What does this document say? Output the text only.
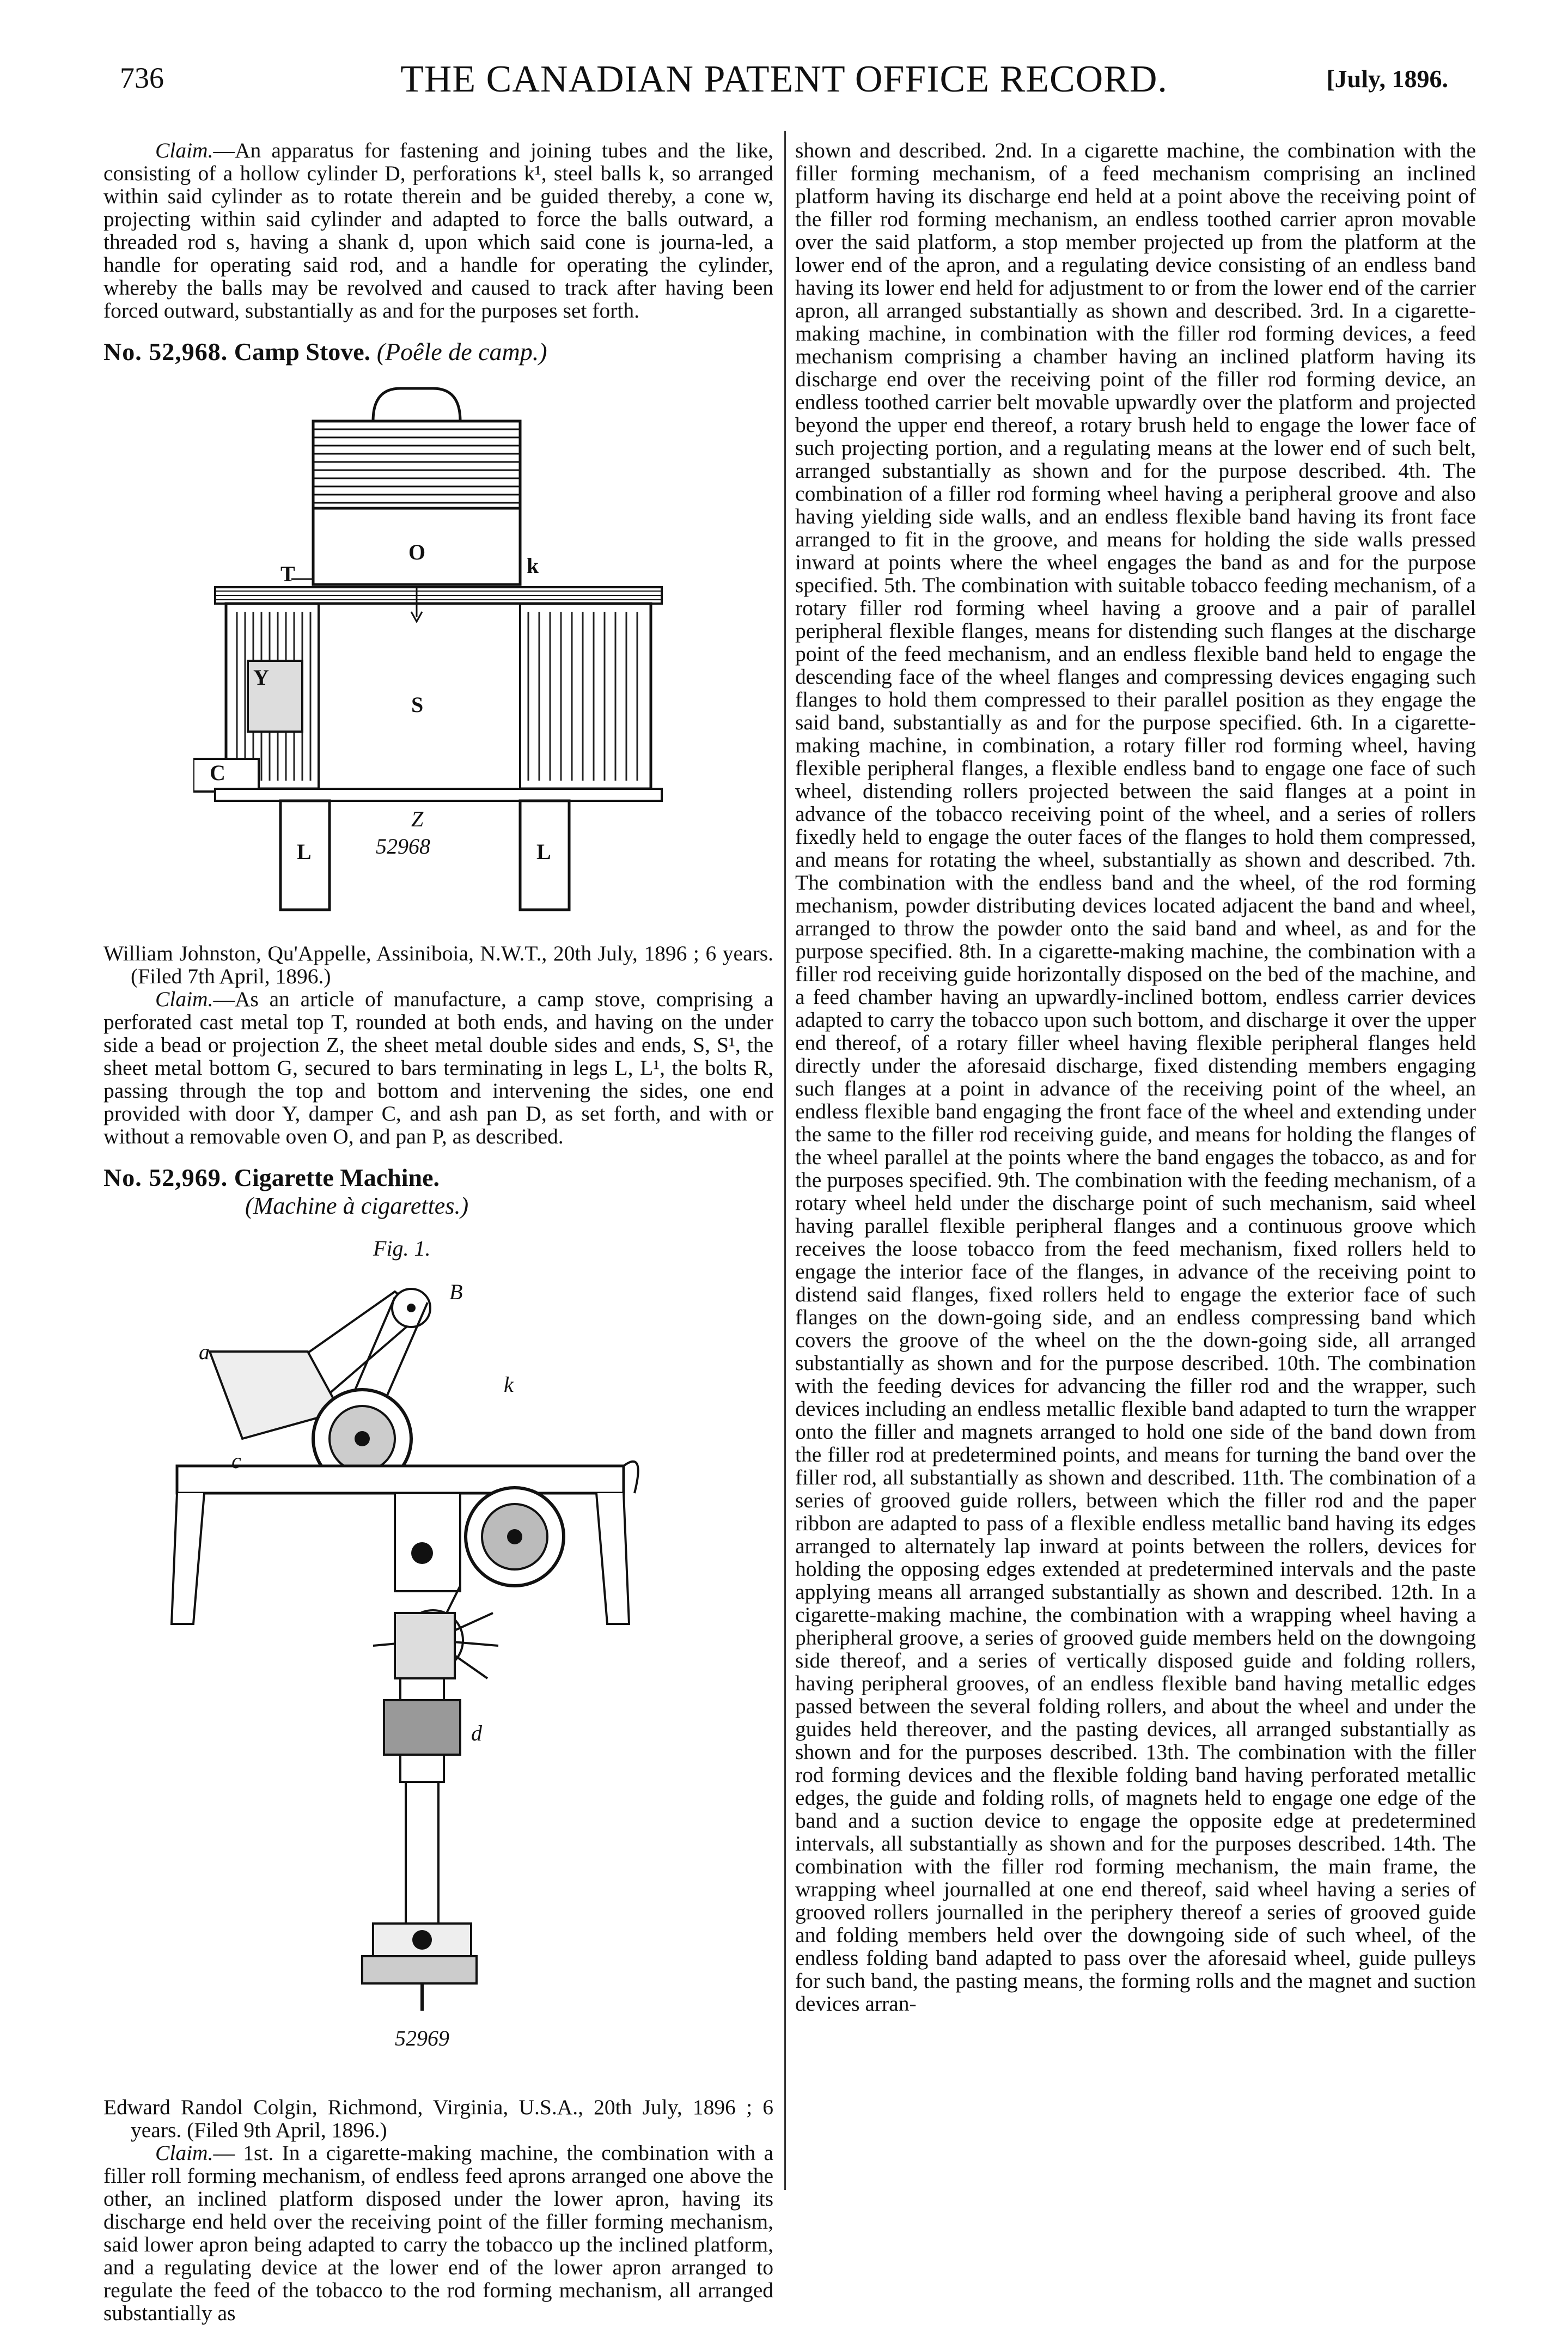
736	THE CANADIAN PATENT OFFICE RECORD.	[July, 1896.

Claim.—An apparatus for fastening and joining tubes and the like, consisting of a hollow cylinder D, perforations k¹, steel balls k, so arranged within said cylinder as to rotate therein and be guided thereby, a cone w, projecting within said cylinder and adapted to force the balls outward, a threaded rod s, having a shank d, upon which said cone is journa-led, a handle for operating said rod, and a handle for operating the cylinder, whereby the balls may be revolved and caused to track after having been forced outward, substantially as and for the purposes set forth.

No. 52,968. Camp Stove. (Poêle de camp.)
O
S
Y
C
L	L
T	k
Z
52968

William Johnston, Qu'Appelle, Assiniboia, N.W.T., 20th July, 1896 ; 6 years. (Filed 7th April, 1896.)

Claim.—As an article of manufacture, a camp stove, comprising a perforated cast metal top T, rounded at both ends, and having on the under side a bead or projection Z, the sheet metal double sides and ends, S, S¹, the sheet metal bottom G, secured to bars terminating in legs L, L¹, the bolts R, passing through the top and bottom and intervening the sides, one end provided with door Y, damper C, and ash pan D, as set forth, and with or without a removable oven O, and pan P, as described.

No. 52,969. Cigarette Machine.
(Machine à cigarettes.)
Fig. 1.
B
a
c
k
d
52969

Edward Randol Colgin, Richmond, Virginia, U.S.A., 20th July, 1896 ; 6 years. (Filed 9th April, 1896.)

Claim.— 1st. In a cigarette-making machine, the combination with a filler roll forming mechanism, of endless feed aprons arranged one above the other, an inclined platform disposed under the lower apron, having its discharge end held over the receiving point of the filler forming mechanism, said lower apron being adapted to carry the tobacco up the inclined platform, and a regulating device at the lower end of the lower apron arranged to regulate the feed of the tobacco to the rod forming mechanism, all arranged substantially as

shown and described. 2nd. In a cigarette machine, the combination with the filler forming mechanism, of a feed mechanism comprising an inclined platform having its discharge end held at a point above the receiving point of the filler rod forming mechanism, an endless toothed carrier apron movable over the said platform, a stop member projected up from the platform at the lower end of the apron, and a regulating device consisting of an endless band having its lower end held for adjustment to or from the lower end of the carrier apron, all arranged substantially as shown and described. 3rd. In a cigarette-making machine, in combination with the filler rod forming devices, a feed mechanism comprising a chamber having an inclined platform having its discharge end over the receiving point of the filler rod forming device, an endless toothed carrier belt movable upwardly over the platform and projected beyond the upper end thereof, a rotary brush held to engage the lower face of such projecting portion, and a regulating means at the lower end of such belt, arranged substantially as shown and for the purpose described. 4th. The combination of a filler rod forming wheel having a peripheral groove and also having yielding side walls, and an endless flexible band having its front face arranged to fit in the groove, and means for holding the side walls pressed inward at points where the wheel engages the band as and for the purpose specified. 5th. The combination with suitable tobacco feeding mechanism, of a rotary filler rod forming wheel having a groove and a pair of parallel peripheral flexible flanges, means for distending such flanges at the discharge point of the feed mechanism, and an endless flexible band held to engage the descending face of the wheel flanges and compressing devices engaging such flanges to hold them compressed to their parallel position as they engage the said band, substantially as and for the purpose specified. 6th. In a cigarette-making machine, in combination, a rotary filler rod forming wheel, having flexible peripheral flanges, a flexible endless band to engage one face of such wheel, distending rollers projected between the said flanges at a point in advance of the tobacco receiving point of the wheel, and a series of rollers fixedly held to engage the outer faces of the flanges to hold them compressed, and means for rotating the wheel, substantially as shown and described. 7th. The combination with the endless band and the wheel, of the rod forming mechanism, powder distributing devices located adjacent the band and wheel, arranged to throw the powder onto the said band and wheel, as and for the purpose specified. 8th. In a cigarette-making machine, the combination with a filler rod receiving guide horizontally disposed on the bed of the machine, and a feed chamber having an upwardly-inclined bottom, endless carrier devices adapted to carry the tobacco upon such bottom, and discharge it over the upper end thereof, of a rotary filler wheel having flexible peripheral flanges held directly under the aforesaid discharge, fixed distending members engaging such flanges at a point in advance of the receiving point of the wheel, an endless flexible band engaging the front face of the wheel and extending under the same to the filler rod receiving guide, and means for holding the flanges of the wheel parallel at the points where the band engages the tobacco, as and for the purposes specified. 9th. The combination with the feeding mechanism, of a rotary wheel held under the discharge point of such mechanism, said wheel having parallel flexible peripheral flanges and a continuous groove which receives the loose tobacco from the feed mechanism, fixed rollers held to engage the interior face of the flanges, in advance of the receiving point to distend said flanges, fixed rollers held to engage the exterior face of such flanges on the down-going side, and an endless compressing band which covers the groove of the wheel on the the down-going side, all arranged substantially as shown and for the purpose described. 10th. The combination with the feeding devices for advancing the filler rod and the wrapper, such devices including an endless metallic flexible band adapted to turn the wrapper onto the filler and magnets arranged to hold one side of the band down from the filler rod at predetermined points, and means for turning the band over the filler rod, all substantially as shown and described. 11th. The combination of a series of grooved guide rollers, between which the filler rod and the paper ribbon are adapted to pass of a flexible endless metallic band having its edges arranged to alternately lap inward at points between the rollers, devices for holding the opposing edges extended at predetermined intervals and the paste applying means all arranged substantially as shown and described. 12th. In a cigarette-making machine, the combination with a wrapping wheel having a pheripheral groove, a series of grooved guide members held on the downgoing side thereof, and a series of vertically disposed guide and folding rollers, having peripheral grooves, of an endless flexible band having metallic edges passed between the several folding rollers, and about the wheel and under the guides held thereover, and the pasting devices, all arranged substantially as shown and for the purposes described. 13th. The combination with the filler rod forming devices and the flexible folding band having perforated metallic edges, the guide and folding rolls, of magnets held to engage one edge of the band and a suction device to engage the opposite edge at predetermined intervals, all substantially as shown and for the purposes described. 14th. The combination with the filler rod forming mechanism, the main frame, the wrapping wheel journalled at one end thereof, said wheel having a series of grooved rollers journalled in the periphery thereof a series of grooved guide and folding members held over the downgoing side of such wheel, of the endless folding band adapted to pass over the aforesaid wheel, guide pulleys for such band, the pasting means, the forming rolls and the magnet and suction devices arran-
